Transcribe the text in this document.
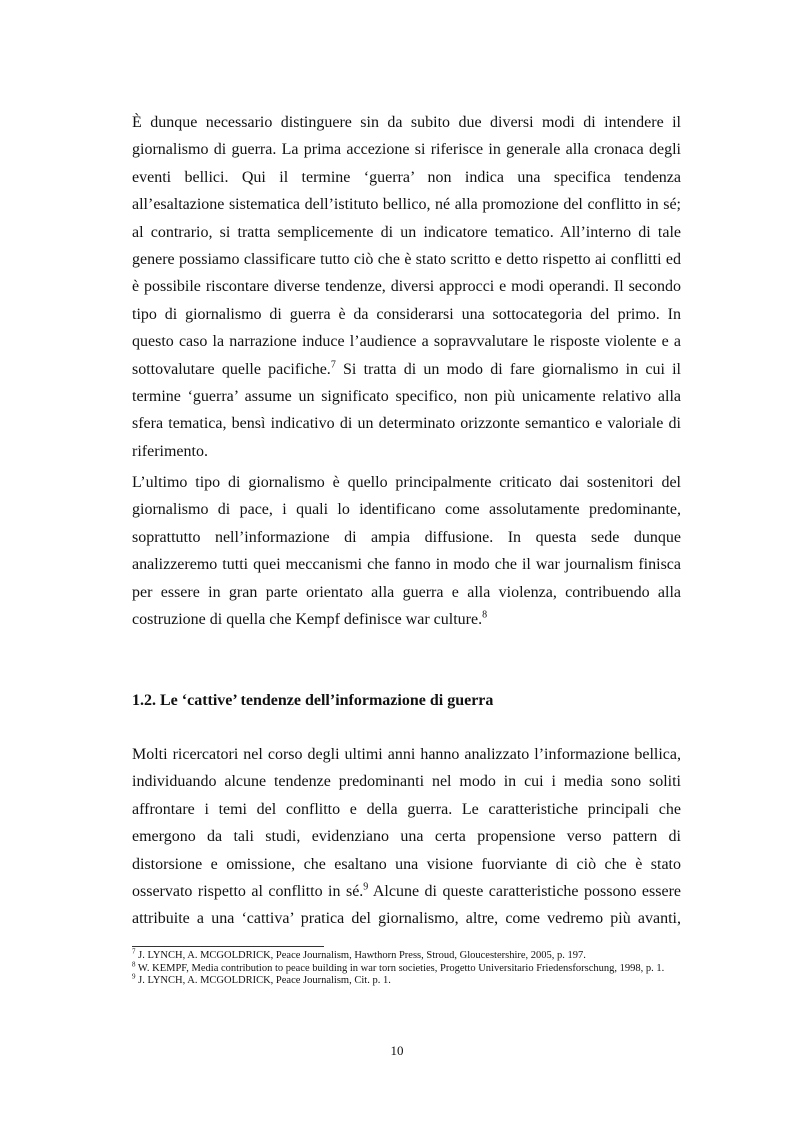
È dunque necessario distinguere sin da subito due diversi modi di intendere il
giornalismo di guerra. La prima accezione si riferisce in generale alla cronaca degli
eventi bellici. Qui il termine ‘guerra’ non indica una specifica tendenza
all’esaltazione sistematica dell’istituto bellico, né alla promozione del conflitto in sé;
al contrario, si tratta semplicemente di un indicatore tematico. All’interno di tale
genere possiamo classificare tutto ciò che è stato scritto e detto rispetto ai conflitti ed
è possibile riscontare diverse tendenze, diversi approcci e modi operandi. Il secondo
tipo di giornalismo di guerra è da considerarsi una sottocategoria del primo. In
questo caso la narrazione induce l’audience a sopravvalutare le risposte violente e a
sottovalutare quelle pacifiche.$^7$ Si tratta di un modo di fare giornalismo in cui il
termine ‘guerra’ assume un significato specifico, non più unicamente relativo alla
sfera tematica, bensì indicativo di un determinato orizzonte semantico e valoriale di
riferimento.
L’ultimo tipo di giornalismo è quello principalmente criticato dai sostenitori del
giornalismo di pace, i quali lo identificano come assolutamente predominante,
soprattutto nell’informazione di ampia diffusione. In questa sede dunque
analizzeremo tutti quei meccanismi che fanno in modo che il war journalism finisca
per essere in gran parte orientato alla guerra e alla violenza, contribuendo alla
costruzione di quella che Kempf definisce war culture.$^8$
1.2. Le ‘cattive’ tendenze dell’informazione di guerra
Molti ricercatori nel corso degli ultimi anni hanno analizzato l’informazione bellica,
individuando alcune tendenze predominanti nel modo in cui i media sono soliti
affrontare i temi del conflitto e della guerra. Le caratteristiche principali che
emergono da tali studi, evidenziano una certa propensione verso pattern di
distorsione e omissione, che esaltano una visione fuorviante di ciò che è stato
osservato rispetto al conflitto in sé.$^9$ Alcune di queste caratteristiche possono essere
attribuite a una ‘cattiva’ pratica del giornalismo, altre, come vedremo più avanti,

$^7$ J. LYNCH, A. MCGOLDRICK, Peace Journalism, Hawthorn Press, Stroud, Gloucestershire, 2005, p. 197.

$^8$ W. KEMPF, Media contribution to peace building in war torn societies, Progetto Universitario Friedensforschung, 1998, p. 1.

$^9$ J. LYNCH, A. MCGOLDRICK, Peace Journalism, Cit. p. 1.

10
